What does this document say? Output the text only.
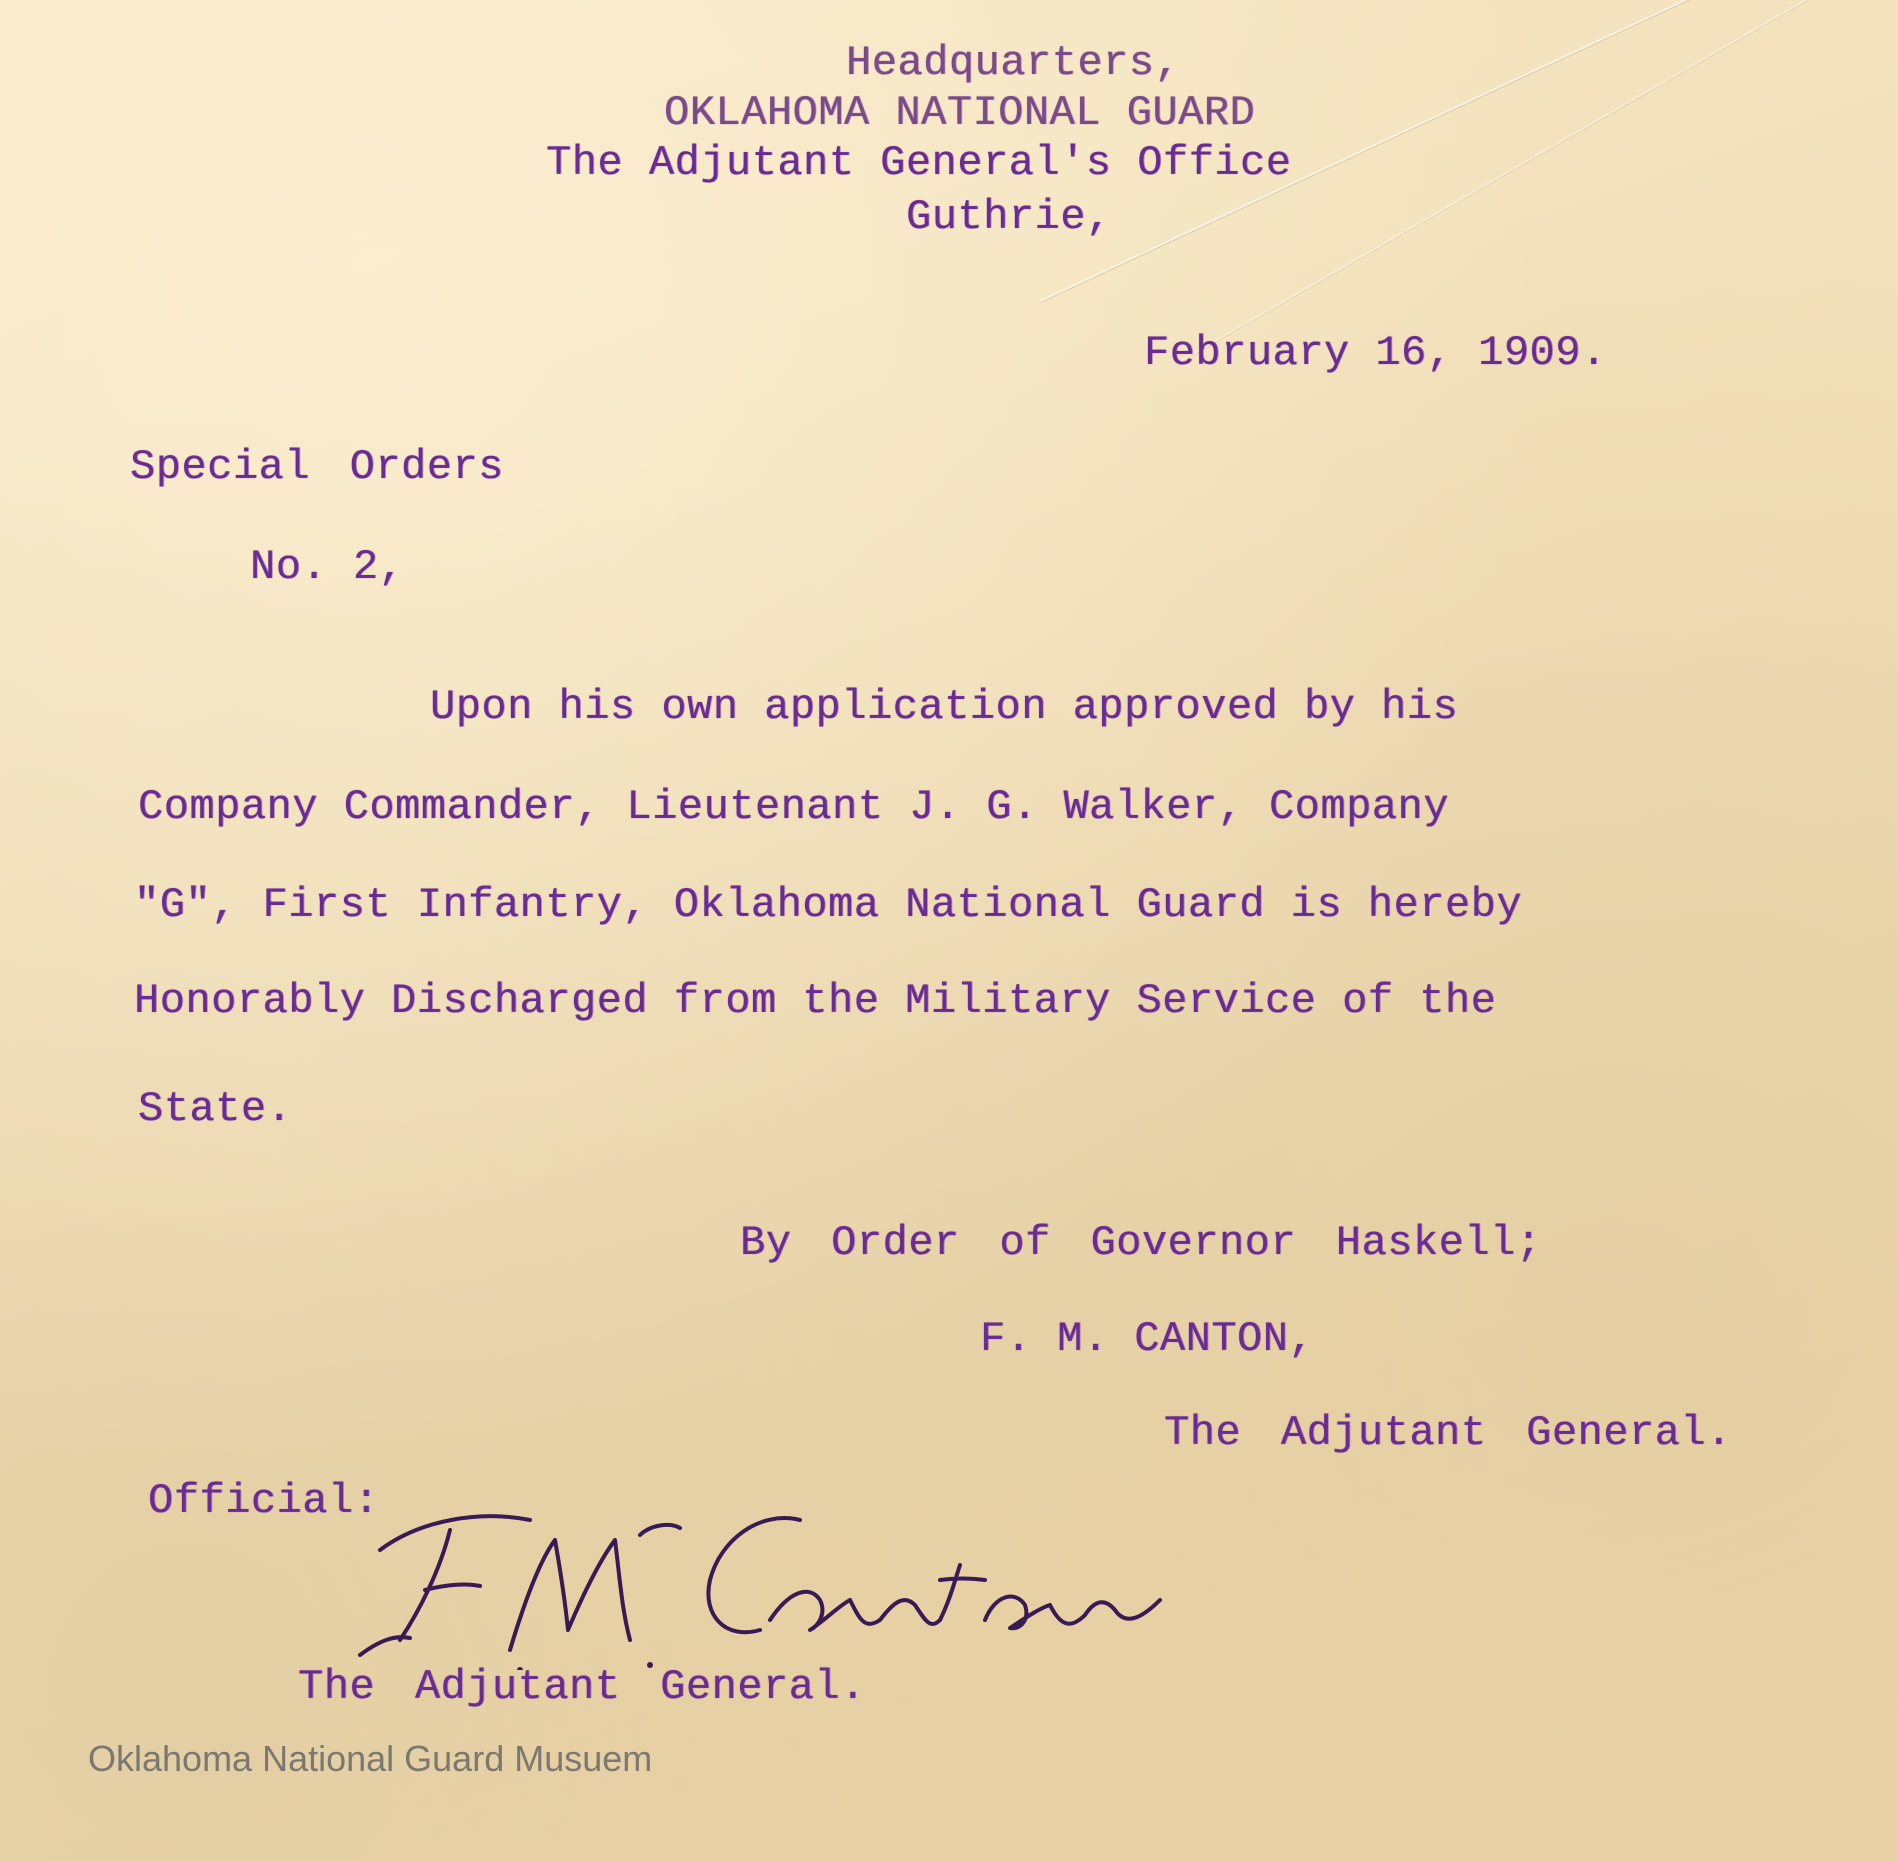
Headquarters,

OKLAHOMA NATIONAL GUARD

The Adjutant General's Office

Guthrie,

February 16, 1909.

Special Orders

No. 2,

Upon his own application approved by his

Company Commander, Lieutenant J. G. Walker, Company

"G", First Infantry, Oklahoma National Guard is hereby

Honorably Discharged from the Military Service of the

State.

By Order of Governor Haskell;

F. M. CANTON,

The Adjutant General.

Official:

The Adjutant General.

Oklahoma National Guard Musuem
